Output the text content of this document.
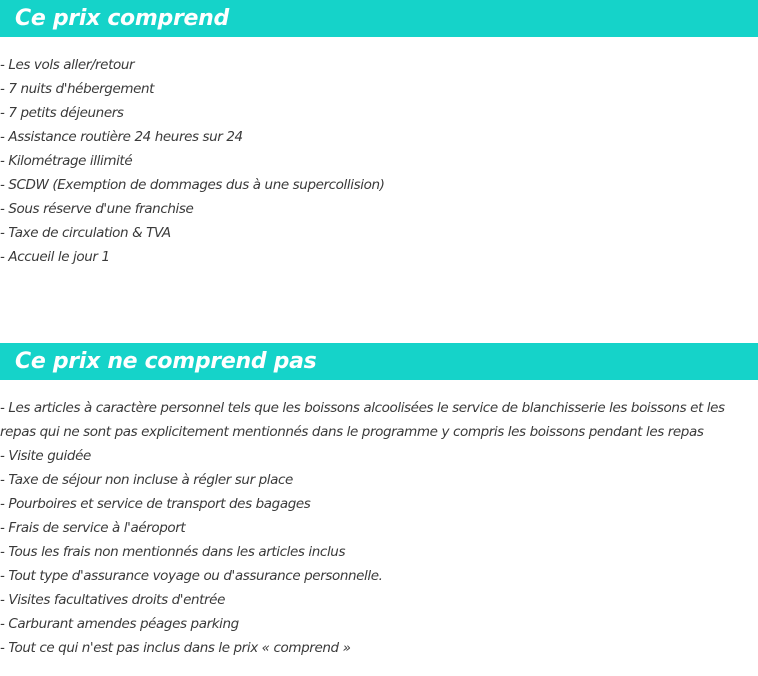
Ce prix comprend
- Les vols aller/retour
- 7 nuits d'hébergement
- 7 petits déjeuners
- Assistance routière 24 heures sur 24
- Kilométrage illimité
- SCDW (Exemption de dommages dus à une supercollision)
- Sous réserve d'une franchise
- Taxe de circulation & TVA
- Accueil le jour 1
Ce prix ne comprend pas
- Les articles à caractère personnel tels que les boissons alcoolisées le service de blanchisserie les boissons et les repas qui ne sont pas explicitement mentionnés dans le programme y compris les boissons pendant les repas
- Visite guidée
- Taxe de séjour non incluse à régler sur place
- Pourboires et service de transport des bagages
- Frais de service à l'aéroport
- Tous les frais non mentionnés dans les articles inclus
- Tout type d'assurance voyage ou d'assurance personnelle.
- Visites facultatives droits d'entrée
- Carburant amendes péages parking
- Tout ce qui n'est pas inclus dans le prix « comprend »
